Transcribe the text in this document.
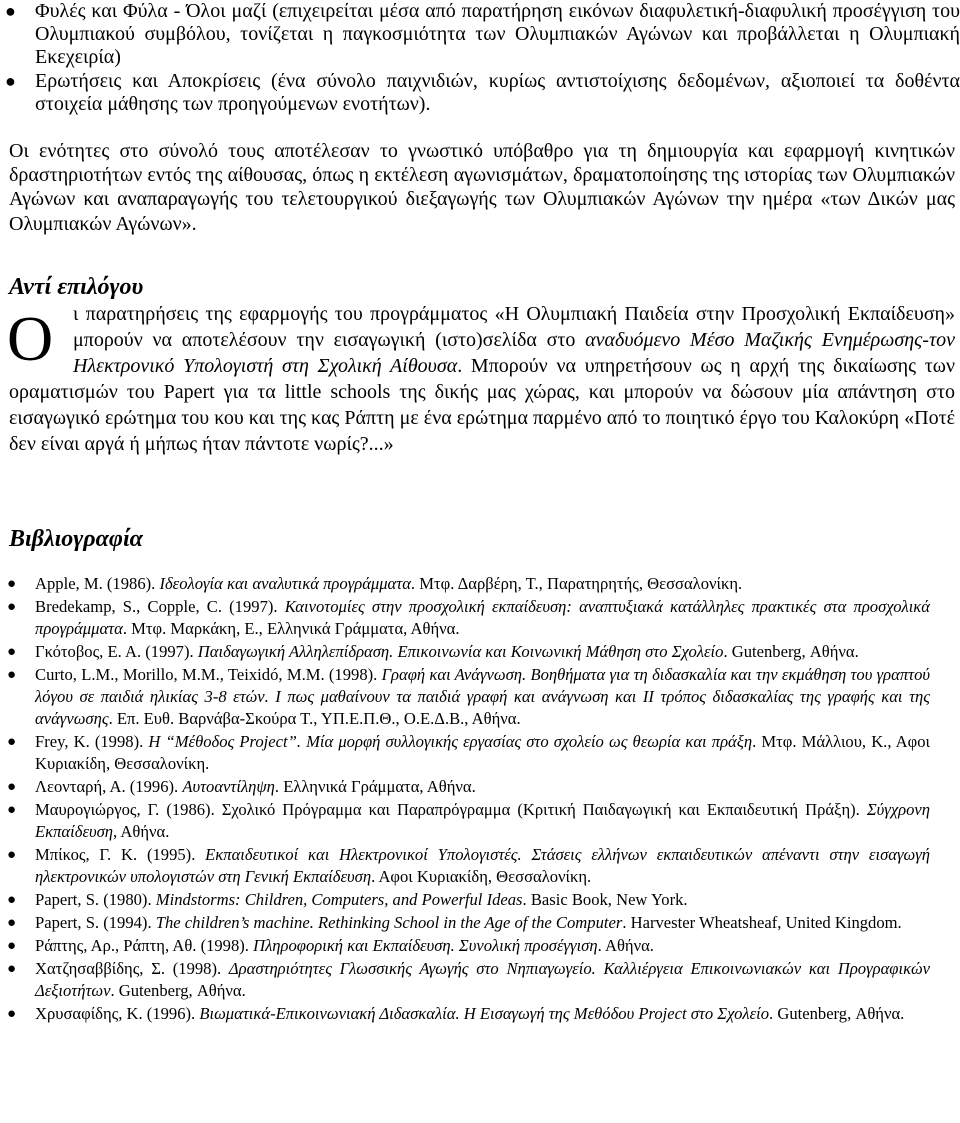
● Φυλές και Φύλα - Όλοι μαζί (επιχειρείται μέσα από παρατήρηση εικόνων διαφυλετική-διαφυλική προσέγγιση του Ολυμπιακού συμβόλου, τονίζεται η παγκοσμιότητα των Ολυμπιακών Αγώνων και προβάλλεται η Ολυμπιακή Εκεχειρία)
● Ερωτήσεις και Αποκρίσεις (ένα σύνολο παιχνιδιών, κυρίως αντιστοίχισης δεδομένων, αξιοποιεί τα δοθέντα στοιχεία μάθησης των προηγούμενων ενοτήτων).

Οι ενότητες στο σύνολό τους αποτέλεσαν το γνωστικό υπόβαθρο για τη δημιουργία και εφαρμογή κινητικών δραστηριοτήτων εντός της αίθουσας, όπως η εκτέλεση αγωνισμάτων, δραματοποίησης της ιστορίας των Ολυμπιακών Αγώνων και αναπαραγωγής του τελετουργικού διεξαγωγής των Ολυμπιακών Αγώνων την ημέρα «των Δικών μας Ολυμπιακών Αγώνων».

Αντί επιλόγου

Οι παρατηρήσεις της εφαρμογής του προγράμματος «Η Ολυμπιακή Παιδεία στην Προσχολική Εκπαίδευση» μπορούν να αποτελέσουν την εισαγωγική (ιστο)σελίδα στο αναδυόμενο Μέσο Μαζικής Ενημέρωσης-τον Ηλεκτρονικό Υπολογιστή στη Σχολική Αίθουσα. Μπορούν να υπηρετήσουν ως η αρχή της δικαίωσης των οραματισμών του Papert για τα little schools της δικής μας χώρας, και μπορούν να δώσουν μία απάντηση στο εισαγωγικό ερώτημα του κου και της κας Ράπτη με ένα ερώτημα παρμένο από το ποιητικό έργο του Καλοκύρη «Ποτέ δεν είναι αργά ή μήπως ήταν πάντοτε νωρίς?...»

Βιβλιογραφία
● Apple, M. (1986). Ιδεολογία και αναλυτικά προγράμματα. Μτφ. Δαρβέρη, Τ., Παρατηρητής, Θεσσαλονίκη.
● Bredekamp, S., Copple, C. (1997). Καινοτομίες στην προσχολική εκπαίδευση: αναπτυξιακά κατάλληλες πρακτικές στα προσχολικά προγράμματα. Μτφ. Μαρκάκη, Ε., Ελληνικά Γράμματα, Αθήνα.
● Γκότοβος, Ε. Α. (1997). Παιδαγωγική Αλληλεπίδραση. Επικοινωνία και Κοινωνική Μάθηση στο Σχολείο. Gutenberg, Αθήνα.
● Curto, L.M., Morillo, M.M., Teixidó, M.M. (1998). Γραφή και Ανάγνωση. Βοηθήματα για τη διδασκαλία και την εκμάθηση του γραπτού λόγου σε παιδιά ηλικίας 3-8 ετών. Ι πως μαθαίνουν τα παιδιά γραφή και ανάγνωση και ΙΙ τρόπος διδασκαλίας της γραφής και της ανάγνωσης. Επ. Ευθ. Βαρνάβα-Σκούρα Τ., ΥΠ.Ε.Π.Θ., Ο.Ε.Δ.Β., Αθήνα.
● Frey, K. (1998). Η “Μέθοδος Project”. Μία μορφή συλλογικής εργασίας στο σχολείο ως θεωρία και πράξη. Μτφ. Μάλλιου, Κ., Αφοι Κυριακίδη, Θεσσαλονίκη.
● Λεονταρή, Α. (1996). Αυτοαντίληψη. Ελληνικά Γράμματα, Αθήνα.
● Μαυρογιώργος, Γ. (1986). Σχολικό Πρόγραμμα και Παραπρόγραμμα (Κριτική Παιδαγωγική και Εκπαιδευτική Πράξη). Σύγχρονη Εκπαίδευση, Αθήνα.
● Μπίκος, Γ. Κ. (1995). Εκπαιδευτικοί και Ηλεκτρονικοί Υπολογιστές. Στάσεις ελλήνων εκπαιδευτικών απέναντι στην εισαγωγή ηλεκτρονικών υπολογιστών στη Γενική Εκπαίδευση. Αφοι Κυριακίδη, Θεσσαλονίκη.
● Papert, S. (1980). Mindstorms: Children, Computers, and Powerful Ideas. Basic Book, New York.
● Papert, S. (1994). The children’s machine. Rethinking School in the Age of the Computer. Harvester Wheatsheaf, United Kingdom.
● Ράπτης, Αρ., Ράπτη, Αθ. (1998). Πληροφορική και Εκπαίδευση. Συνολική προσέγγιση. Αθήνα.
● Χατζησαββίδης, Σ. (1998). Δραστηριότητες Γλωσσικής Αγωγής στο Νηπιαγωγείο. Καλλιέργεια Επικοινωνιακών και Προγραφικών Δεξιοτήτων. Gutenberg, Αθήνα.
● Χρυσαφίδης, Κ. (1996). Βιωματικά-Επικοινωνιακή Διδασκαλία. Η Εισαγωγή της Μεθόδου Project στο Σχολείο. Gutenberg, Αθήνα.
